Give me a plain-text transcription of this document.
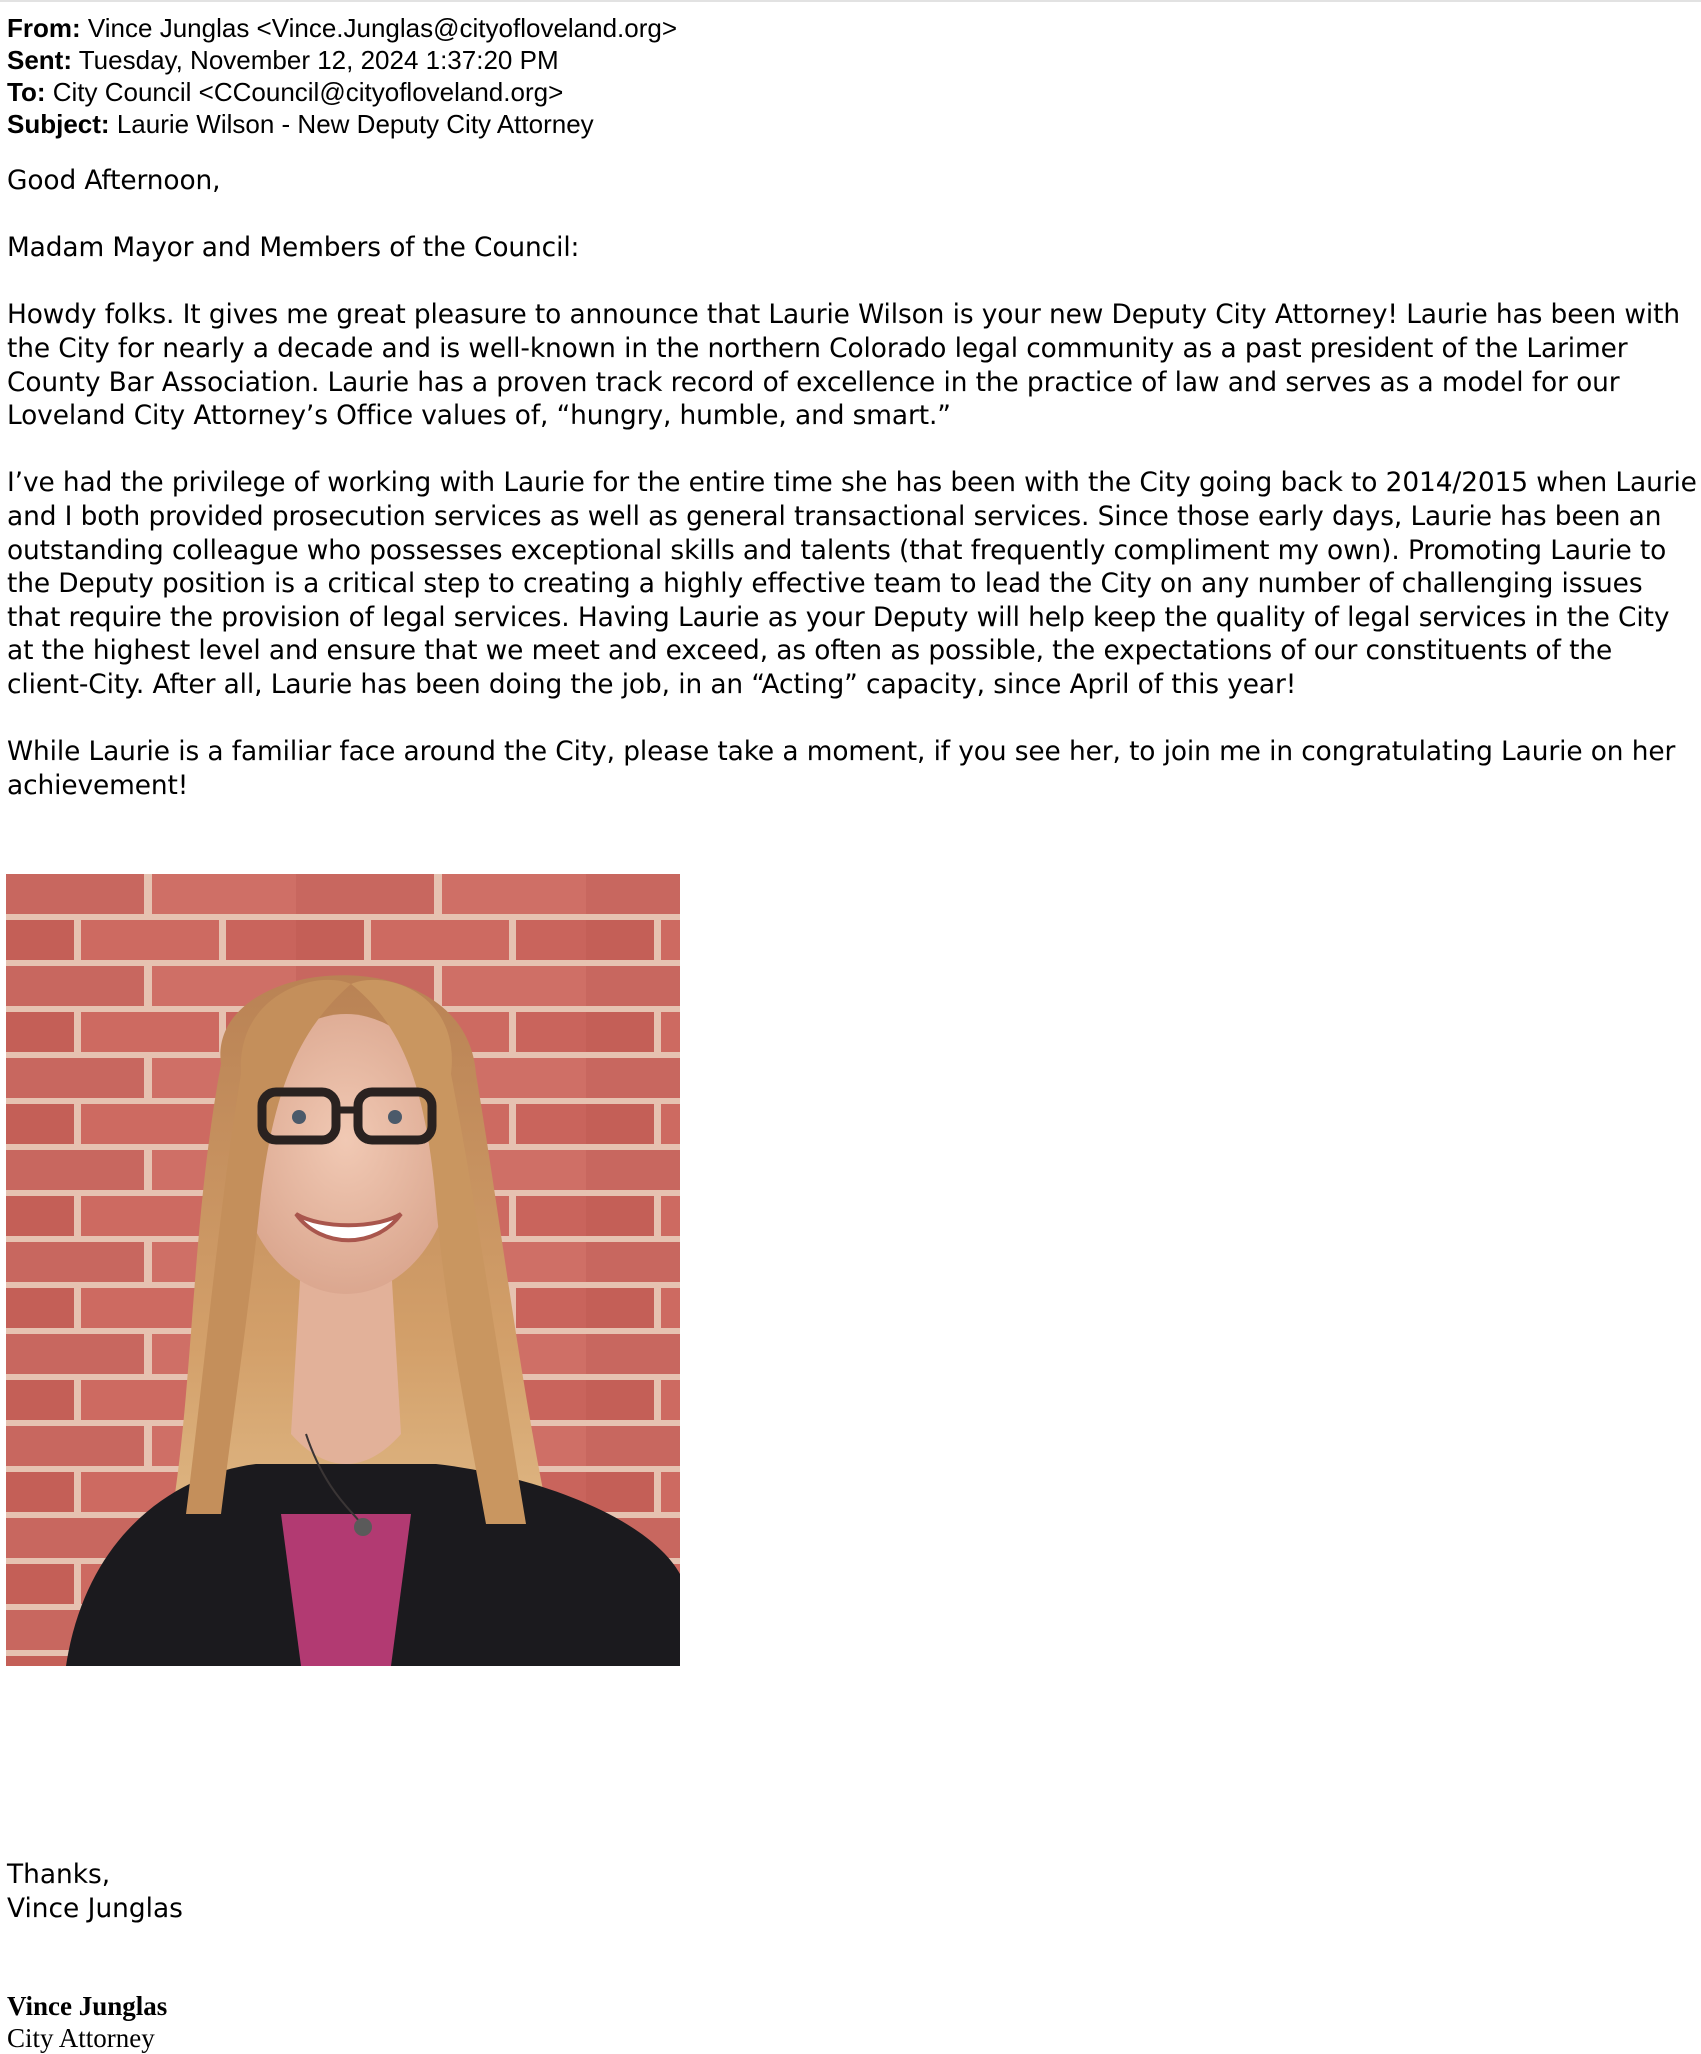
From: Vince Junglas <Vince.Junglas@cityofloveland.org>
Sent: Tuesday, November 12, 2024 1:37:20 PM
To: City Council <CCouncil@cityofloveland.org>
Subject: Laurie Wilson - New Deputy City Attorney

Good Afternoon,

Madam Mayor and Members of the Council:

Howdy folks. It gives me great pleasure to announce that Laurie Wilson is your new Deputy City Attorney! Laurie has been with the City for nearly a decade and is well-known in the northern Colorado legal community as a past president of the Larimer County Bar Association. Laurie has a proven track record of excellence in the practice of law and serves as a model for our Loveland City Attorney’s Office values of, “hungry, humble, and smart.”

I’ve had the privilege of working with Laurie for the entire time she has been with the City going back to 2014/2015 when Laurie and I both provided prosecution services as well as general transactional services. Since those early days, Laurie has been an outstanding colleague who possesses exceptional skills and talents (that frequently compliment my own). Promoting Laurie to the Deputy position is a critical step to creating a highly effective team to lead the City on any number of challenging issues that require the provision of legal services. Having Laurie as your Deputy will help keep the quality of legal services in the City at the highest level and ensure that we meet and exceed, as often as possible, the expectations of our constituents of the client-City. After all, Laurie has been doing the job, in an “Acting” capacity, since April of this year!

While Laurie is a familiar face around the City, please take a moment, if you see her, to join me in congratulating Laurie on her achievement!

Thanks,
Vince Junglas
Vince Junglas
City Attorney
